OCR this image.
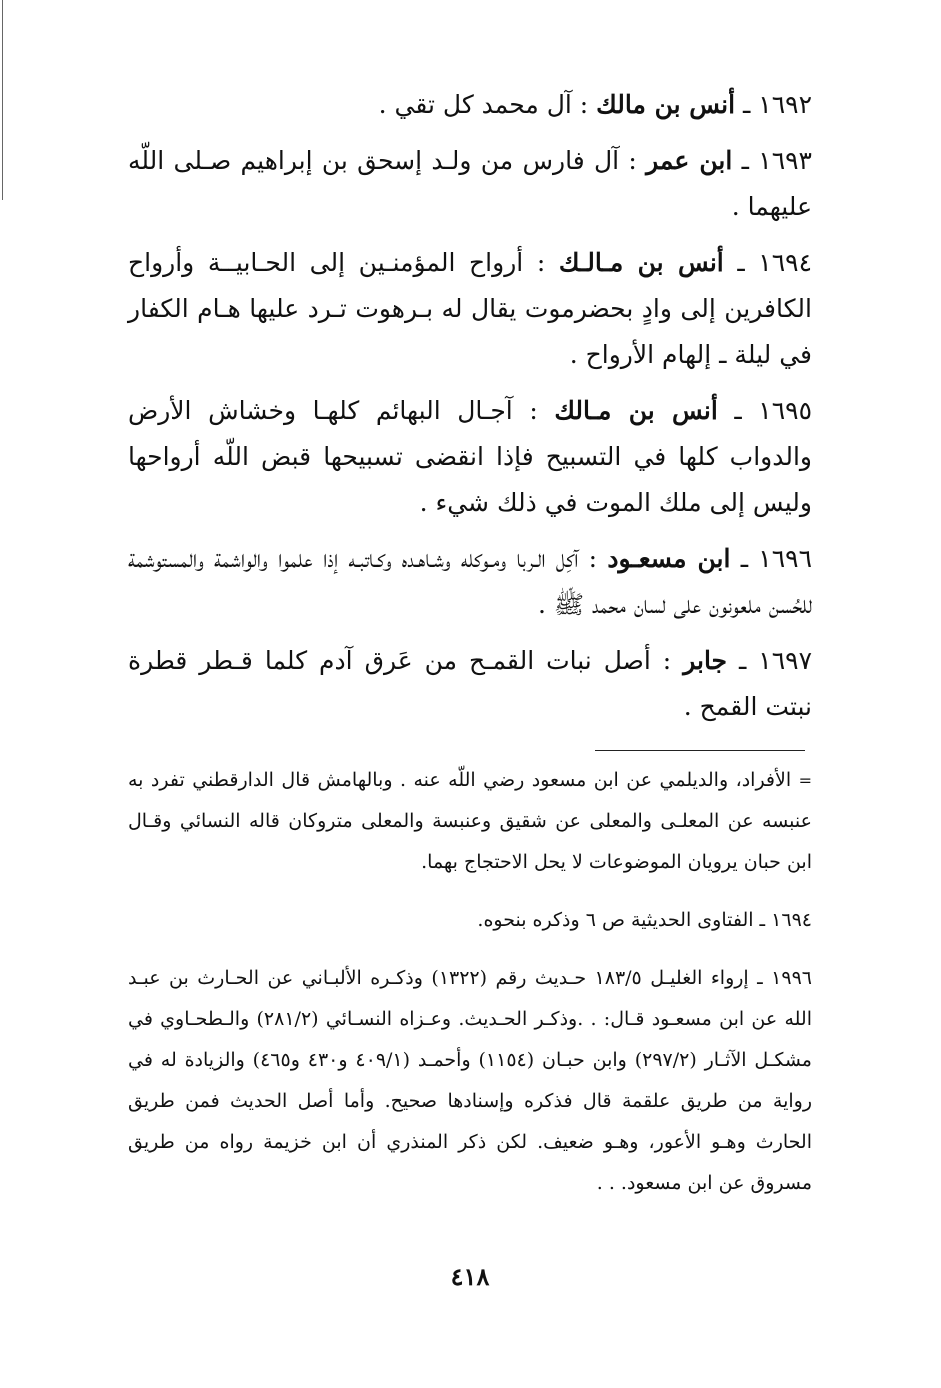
١٦٩٢ ـ أنس بن مالك : آل محمد كل تقي .
١٦٩٣ ـ ابن عمر : آل فارس من ولـد إسحق بن إبراهيم صـلى اللّه عليهما .
١٦٩٤ ـ أنس بن مـالـك : أرواح المؤمنـين إلى الحـابيــة وأرواح الكافرين إلى وادٍ بحضرموت يقال له بـرهوت تـرد عليها هـام الكفار في ليلة ـ إلهام الأرواح .
١٦٩٥ ـ أنس بن مـالك : آجـال البهائم كلهـا وخشاش الأرض والدواب كلها في التسبيح فإذا انقضى تسبيحها قبض اللّه أرواحها وليس إلى ملك الموت في ذلك شيء .
١٦٩٦ ـ ابن مسعـود : آكِل الـربا ومـوكله وشـاهـده وكـاتبـه إذا علموا والواشمة والمستوشمة للحُسن ملعونون على لسان محمد ﷺ .
١٦٩٧ ـ جابر : أصل نبات القمـح من عَرق آدم كلما قـطر قطرة نبتت القمح .

= الأفراد، والديلمي عن ابن مسعود رضي اللّه عنه . وبالهامش قال الدارقطني تفرد به عنبسه عن المعلـى والمعلى عن شقيق وعنبسة والمعلى متروكان قاله النسائي وقـال ابن حبان يرويان الموضوعات لا يحل الاحتجاج بهما.

١٦٩٤ ـ الفتاوى الحديثية ص ٦ وذكره بنحوه.

١٩٩٦ ـ إرواء الغليـل ١٨٣/٥ حـديث رقم (١٣٢٢) وذكـره الألبـاني عن الحـارث بن عبـد الله عن ابن مسعـود قـال: . .وذكـر الحـديث. وعـزاه النسـائي (٢٨١/٢) والـطحـاوي في مشكـل الآثـار (٢٩٧/٢) وابن حبـان (١١٥٤) وأحمـد (٤٠٩/١ و٤٣٠ و٤٦٥) والزيادة له في رواية من طريق علقمة قال فذكره وإسنادها صحيح. وأما أصل الحديث فمن طريق الحارث وهـو الأعور، وهـو ضعيف. لكن ذكر المنذري أن ابن خزيمة رواه من طريق مسروق عن ابن مسعود. . .

٤١٨
